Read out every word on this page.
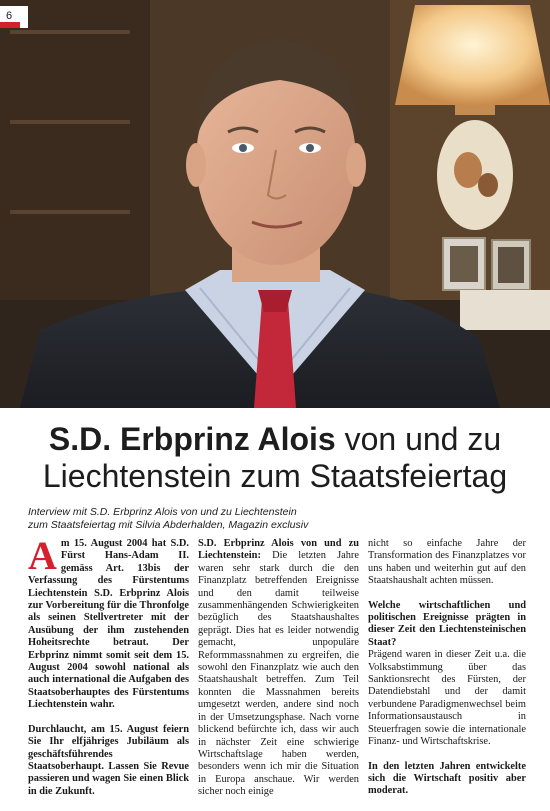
6
S.D. Erbprinz Alois von und zu
Liechtenstein zum Staatsfeiertag
Interview mit S.D. Erbprinz Alois von und zu Liechtenstein
zum Staatsfeiertag mit Silvia Abderhalden, Magazin exclusiv

Am 15. August 2004 hat S.D. Fürst Hans-Adam II. gemäss Art. 13bis der Verfassung des Fürstentums Liechtenstein S.D. Erbprinz Alois zur Vorbereitung für die Thronfolge als seinen Stellvertreter mit der Ausübung der ihm zustehenden Hoheitsrechte betraut. Der Erbprinz nimmt somit seit dem 15. August 2004 sowohl national als auch international die Aufgaben des Staatsoberhauptes des Fürstentums Liechtenstein wahr.

Durchlaucht, am 15. August feiern Sie Ihr elfjähriges Jubiläum als geschäftsführendes Staatsoberhaupt. Lassen Sie Revue passieren und wagen Sie einen Blick in die Zukunft.

S.D. Erbprinz Alois von und zu Liechtenstein: Die letzten Jahre waren sehr stark durch die den Finanzplatz betreffenden Ereignisse und den damit teilweise zusammenhängenden Schwierigkeiten bezüglich des Staatshaushaltes geprägt. Dies hat es leider notwendig gemacht, unpopuläre Reformmassnahmen zu ergreifen, die sowohl den Finanzplatz wie auch den Staatshaushalt betreffen. Zum Teil konnten die Massnahmen bereits umgesetzt werden, andere sind noch in der Umsetzungsphase. Nach vorne blickend befürchte ich, dass wir auch in nächster Zeit eine schwierige Wirtschaftslage haben werden, besonders wenn ich mir die Situation in Europa anschaue. Wir werden sicher noch einige

nicht so einfache Jahre der Transformation des Finanzplatzes vor uns haben und weiterhin gut auf den Staatshaushalt achten müssen.

Welche wirtschaftlichen und politischen Ereignisse prägten in dieser Zeit den Liechtensteinischen Staat?

Prägend waren in dieser Zeit u.a. die Volksabstimmung über das Sanktionsrecht des Fürsten, der Datendiebstahl und der damit verbundene Paradigmenwechsel beim Informationsaustausch in Steuerfragen sowie die internationale Finanz- und Wirtschaftskrise.

In den letzten Jahren entwickelte sich die Wirtschaft positiv aber moderat.
